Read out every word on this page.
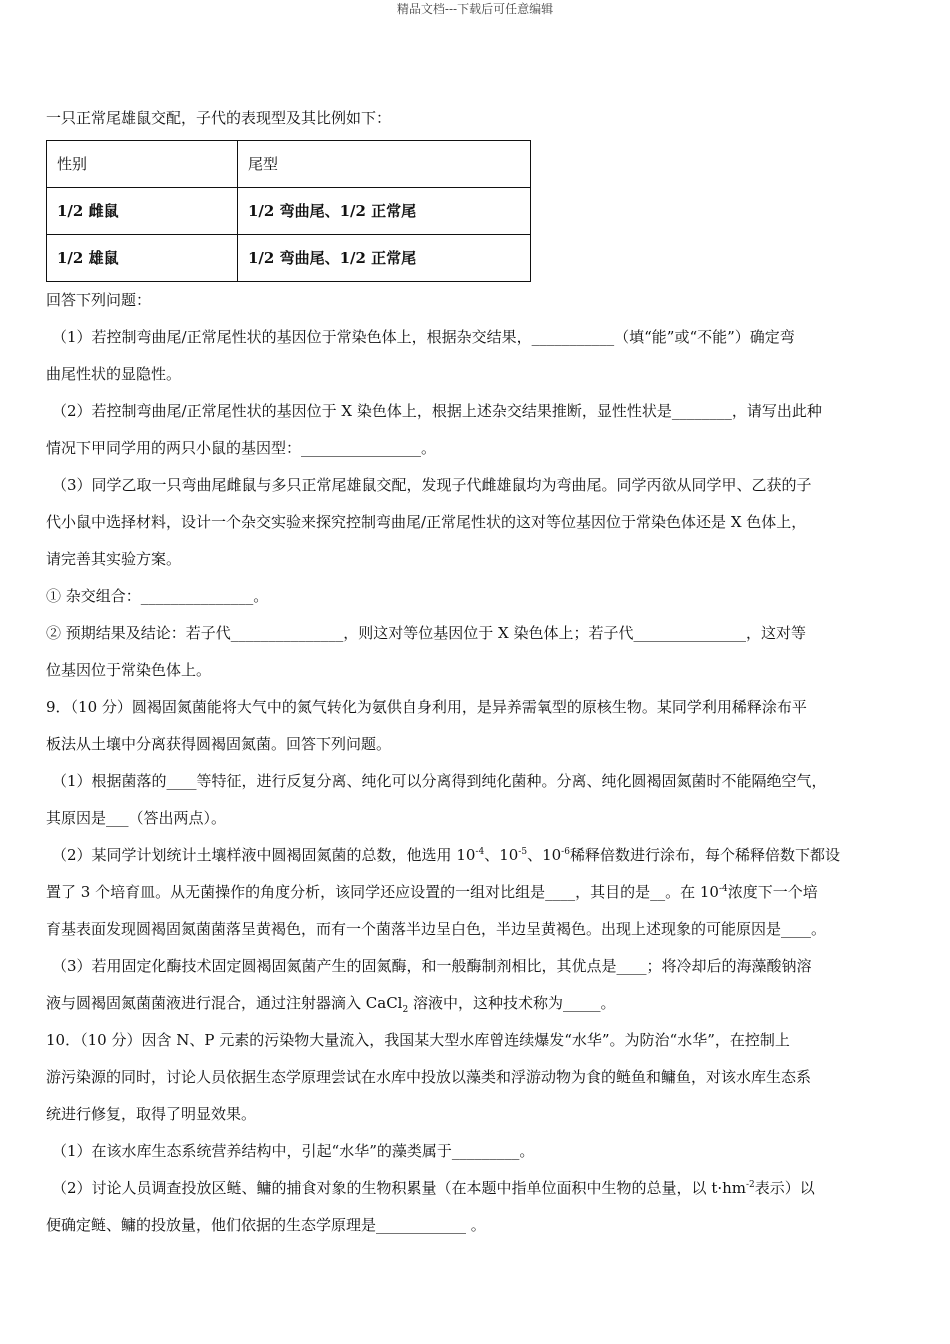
精品文档---下载后可任意编辑
一只正常尾雄鼠交配，子代的表现型及其比例如下：
性别	尾型
1/2 雌鼠	1/2 弯曲尾、1/2 正常尾
1/2 雄鼠	1/2 弯曲尾、1/2 正常尾
回答下列问题：
（1）若控制弯曲尾/正常尾性状的基因位于常染色体上，根据杂交结果，___________（填“能”或“不能”）确定弯
曲尾性状的显隐性。
（2）若控制弯曲尾/正常尾性状的基因位于 X 染色体上，根据上述杂交结果推断，显性性状是________，请写出此种
情况下甲同学用的两只小鼠的基因型：________________。
（3）同学乙取一只弯曲尾雌鼠与多只正常尾雄鼠交配，发现子代雌雄鼠均为弯曲尾。同学丙欲从同学甲、乙获的子
代小鼠中选择材料，设计一个杂交实验来探究控制弯曲尾/正常尾性状的这对等位基因位于常染色体还是 X 色体上，
请完善其实验方案。
① 杂交组合：_______________。
② 预期结果及结论：若子代_______________，则这对等位基因位于 X 染色体上；若子代_______________，这对等
位基因位于常染色体上。
9．（10 分）圆褐固氮菌能将大气中的氮气转化为氨供自身利用，是异养需氧型的原核生物。某同学利用稀释涂布平
板法从土壤中分离获得圆褐固氮菌。回答下列问题。
（1）根据菌落的____等特征，进行反复分离、纯化可以分离得到纯化菌种。分离、纯化圆褐固氮菌时不能隔绝空气，
其原因是___（答出两点）。
（2）某同学计划统计土壤样液中圆褐固氮菌的总数，他选用 $10^{-4}$、$10^{-5}$、$10^{-6}$稀释倍数进行涂布，每个稀释倍数下都设
置了 3 个培育皿。从无菌操作的角度分析，该同学还应设置的一组对比组是____，其目的是__。在 $10^{-4}$浓度下一个培
育基表面发现圆褐固氮菌菌落呈黄褐色，而有一个菌落半边呈白色，半边呈黄褐色。出现上述现象的可能原因是____。
（3）若用固定化酶技术固定圆褐固氮菌产生的固氮酶，和一般酶制剂相比，其优点是____；将冷却后的海藻酸钠溶
液与圆褐固氮菌菌液进行混合，通过注射器滴入 CaCl$_2$ 溶液中，这种技术称为_____。
10．（10 分）因含 N、P 元素的污染物大量流入，我国某大型水库曾连续爆发“水华”。为防治“水华”，在控制上
游污染源的同时，讨论人员依据生态学原理尝试在水库中投放以藻类和浮游动物为食的鲢鱼和鳙鱼，对该水库生态系
统进行修复，取得了明显效果。
（1）在该水库生态系统营养结构中，引起“水华”的藻类属于_________。
（2）讨论人员调查投放区鲢、鳙的捕食对象的生物积累量（在本题中指单位面积中生物的总量，以 $t\cdot hm^{-2}$表示）以
便确定鲢、鳙的投放量，他们依据的生态学原理是____________ 。
